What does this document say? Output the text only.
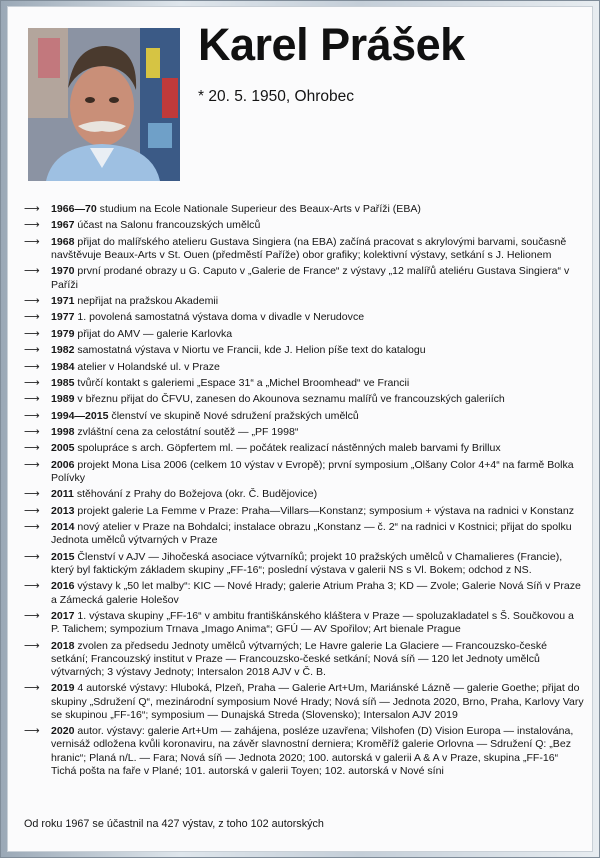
Karel Prášek
* 20. 5. 1950, Ohrobec
⟶ 1966—70 studium na Ecole Nationale Superieur des Beaux-Arts v Paříži (EBA)
⟶ 1967 účast na Salonu francouzských umělců
⟶ 1968 přijat do malířského atelieru Gustava Singiera (na EBA) začíná pracovat s akrylovými barvami, současně navštěvuje Beaux-Arts v St. Ouen (předměstí Paříže) obor grafiky; kolektivní výstavy, setkání s J. Helionem
⟶ 1970 první prodané obrazy u G. Caputo v „Galerie de France“ z výstavy „12 malířů ateliéru Gustava Singiera“ v Paříži
⟶ 1971 nepřijat na pražskou Akademii
⟶ 1977 1. povolená samostatná výstava doma v divadle v Nerudovce
⟶ 1979 přijat do AMV — galerie Karlovka
⟶ 1982 samostatná výstava v Niortu ve Francii, kde J. Helion píše text do katalogu
⟶ 1984 atelier v Holandské ul. v Praze
⟶ 1985 tvůrčí kontakt s galeriemi „Espace 31“ a „Michel Broomhead“ ve Francii
⟶ 1989 v březnu přijat do ČFVU, zanesen do Akounova seznamu malířů ve francouzských galeriích
⟶ 1994—2015 členství ve skupině Nové sdružení pražských umělců
⟶ 1998 zvláštní cena za celostátní soutěž — „PF 1998“
⟶ 2005 spolupráce s arch. Göpfertem ml. — počátek realizací nástěnných maleb barvami fy Brillux
⟶ 2006 projekt Mona Lisa 2006 (celkem 10 výstav v Evropě); první symposium „Olšany Color 4+4“ na farmě Bolka Polívky
⟶ 2011 stěhování z Prahy do Božejova (okr. Č. Budějovice)
⟶ 2013 projekt galerie La Femme v Praze: Praha—Villars—Konstanz; symposium + výstava na radnici v Konstanz
⟶ 2014 nový atelier v Praze na Bohdalci; instalace obrazu „Konstanz — č. 2“ na radnici v Kostnici; přijat do spolku Jednota umělců výtvarných v Praze
⟶ 2015 Členství v AJV — Jihočeská asociace výtvarníků; projekt 10 pražských umělců v Chamalieres (Francie), který byl faktickým základem skupiny „FF-16“; poslední výstava v galerii NS s Vl. Bokem; odchod z NS.
⟶ 2016 výstavy k „50 let malby“: KIC — Nové Hrady; galerie Atrium Praha 3; KD — Zvole; Galerie Nová Síň v Praze a Zámecká galerie Holešov
⟶ 2017 1. výstava skupiny „FF-16“ v ambitu františkánského kláštera v Praze — spoluzakladatel s Š. Součkovou a P. Talichem; sympozium Trnava „Imago Anima“; GFÚ — AV Spořilov; Art bienale Prague
⟶ 2018 zvolen za předsedu Jednoty umělců výtvarných; Le Havre galerie La Glaciere — Francouzsko-české setkání; Francouzský institut v Praze — Francouzsko-české setkání; Nová síň — 120 let Jednoty umělců výtvarných; 3 výstavy Jednoty; Intersalon 2018 AJV v Č. B.
⟶ 2019 4 autorské výstavy: Hluboká, Plzeň, Praha — Galerie Art+Um, Mariánské Lázně — galerie Goethe; přijat do skupiny „Sdružení Q“, mezinárodní symposium Nové Hrady; Nová síň — Jednota 2020, Brno, Praha, Karlovy Vary se skupinou „FF-16“; symposium — Dunajská Streda (Slovensko); Intersalon AJV 2019
⟶ 2020 autor. výstavy: galerie Art+Um — zahájena, posléze uzavřena; Vilshofen (D) Vision Europa — instalována, vernisáž odložena kvůli koronaviru, na závěr slavnostní derniera; Kroměříž galerie Orlovna — Sdružení Q: „Bez hranic“; Planá n/L. — Fara; Nová síň — Jednota 2020; 100. autorská v galerii A & A v Praze, skupina „FF-16“ Tichá pošta na faře v Plané; 101. autorská v galerii Toyen; 102. autorská v Nové síni
Od roku 1967 se účastnil na 427 výstav, z toho 102 autorských
